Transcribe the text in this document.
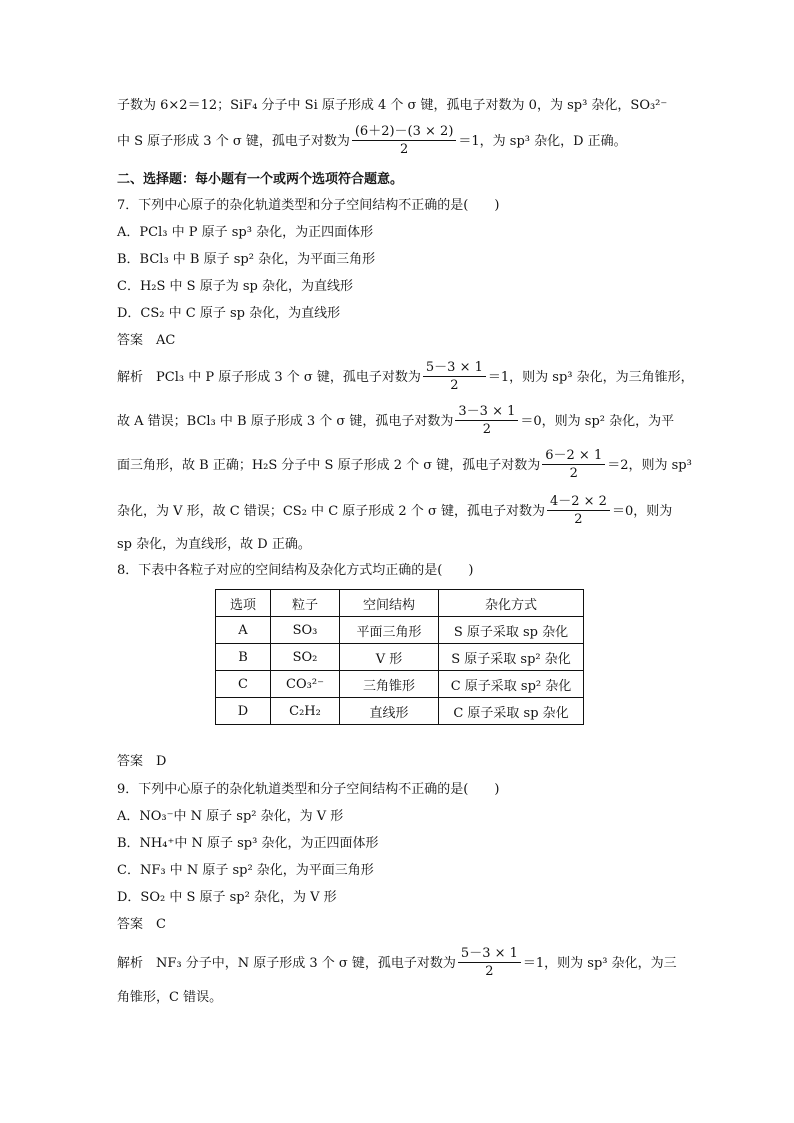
子数为 6×2＝12；SiF₄ 分子中 Si 原子形成 4 个 σ 键，孤电子对数为 0，为 sp³ 杂化，SO₃²⁻
中 S 原子形成 3 个 σ 键，孤电子对数为 $\frac{(6+2)-(3 \times 2)}{2} =1$，为 sp³ 杂化，D 正确。
二、选择题：每小题有一个或两个选项符合题意。
7．下列中心原子的杂化轨道类型和分子空间结构不正确的是(　　)
A．PCl₃ 中 P 原子 sp³ 杂化，为正四面体形
B．BCl₃ 中 B 原子 sp² 杂化，为平面三角形
C．H₂S 中 S 原子为 sp 杂化，为直线形
D．CS₂ 中 C 原子 sp 杂化，为直线形
答案　AC
解析　PCl₃ 中 P 原子形成 3 个 σ 键，孤电子对数为 $\frac{5-3 \times 1}{2} =1$，则为 sp³ 杂化，为三角锥形，
故 A 错误；BCl₃ 中 B 原子形成 3 个 σ 键，孤电子对数为 $\frac{3-3 \times 1}{2} =0$，则为 sp² 杂化，为平
面三角形，故 B 正确；H₂S 分子中 S 原子形成 2 个 σ 键，孤电子对数为 $\frac{6-2 \times 1}{2} =2$，则为 sp³
杂化，为 V 形，故 C 错误；CS₂ 中 C 原子形成 2 个 σ 键，孤电子对数为 $\frac{4-2 \times 2}{2} =0$，则为
sp 杂化，为直线形，故 D 正确。
8．下表中各粒子对应的空间结构及杂化方式均正确的是(　　)
选项	粒子	空间结构	杂化方式
A	SO₃	平面三角形	S 原子采取 sp 杂化
B	SO₂	V 形	S 原子采取 sp² 杂化
C	CO₃²⁻	三角锥形	C 原子采取 sp² 杂化
D	C₂H₂	直线形	C 原子采取 sp 杂化
答案　D
9．下列中心原子的杂化轨道类型和分子空间结构不正确的是(　　)
A．NO₃⁻中 N 原子 sp² 杂化，为 V 形
B．NH₄⁺中 N 原子 sp³ 杂化，为正四面体形
C．NF₃ 中 N 原子 sp² 杂化，为平面三角形
D．SO₂ 中 S 原子 sp² 杂化，为 V 形
答案　C
解析　NF₃ 分子中，N 原子形成 3 个 σ 键，孤电子对数为 $\frac{5-3 \times 1}{2} =1$，则为 sp³ 杂化，为三
角锥形，C 错误。
